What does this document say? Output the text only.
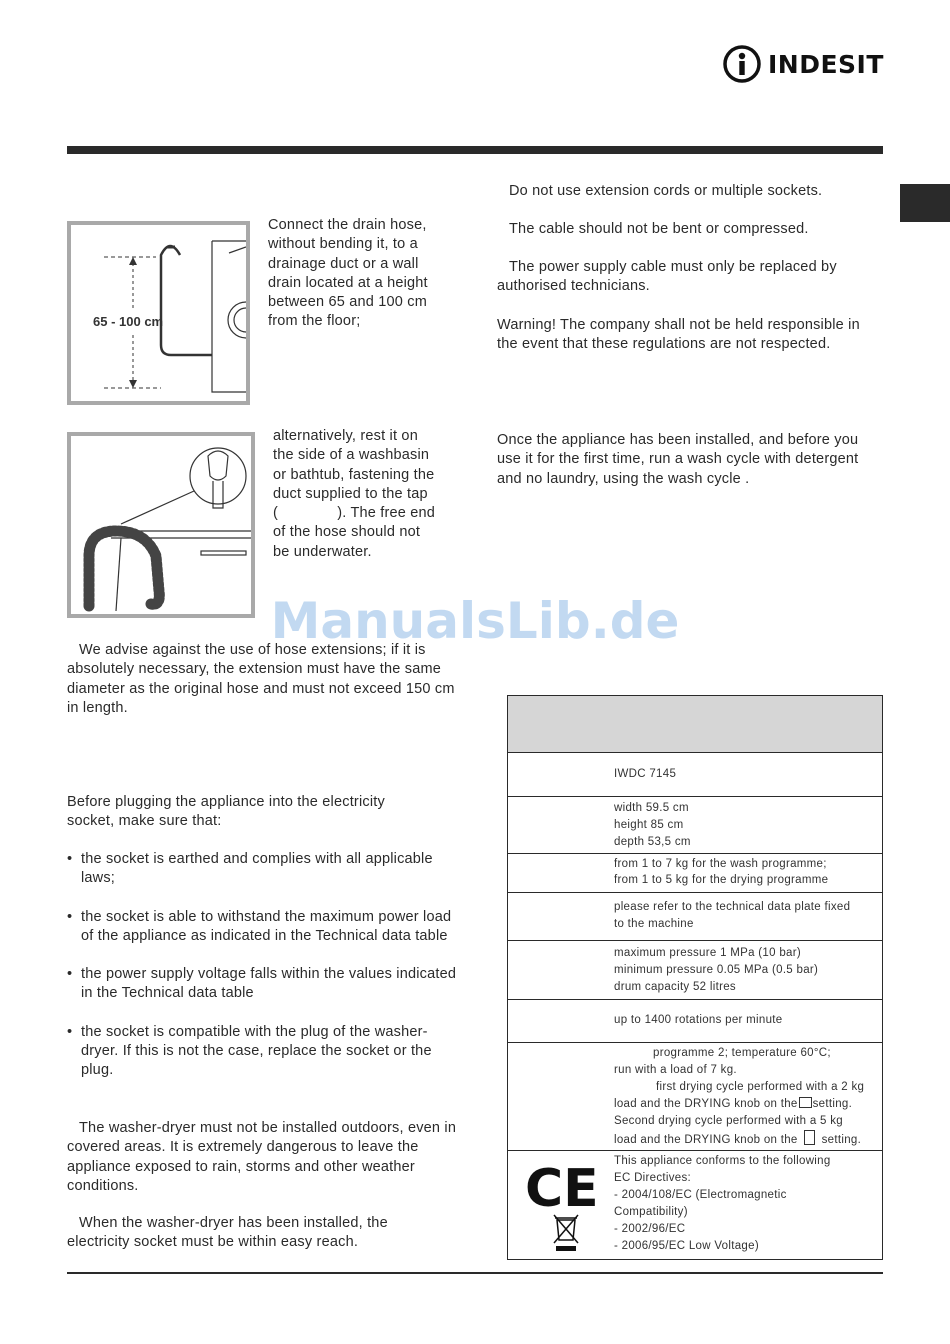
INDESIT
65 - 100 cm

Connect the drain hose, without bending it, to a drainage duct or a wall drain located at a height between 65 and 100 cm from the floor;

alternatively, rest it on
the side of a washbasin
or bathtub, fastening the
duct supplied to the tap
(              ). The free end
of the hose should not
be underwater.
ManualsLib.de

We advise against the use of hose extensions; if it is absolutely necessary, the extension must have the same diameter as the original hose and must not exceed 150 cm in length.

Before plugging the appliance into the electricity socket, make sure that:

• the socket is earthed and complies with all applicable laws;
• the socket is able to withstand the maximum power load of the appliance as indicated in the Technical data table
• the power supply voltage falls within the values indicated in the Technical data table
• the socket is compatible with the plug of the washer-dryer. If this is not the case, replace the socket or the plug.

The washer-dryer must not be installed outdoors, even in covered areas. It is extremely dangerous to leave the appliance exposed to rain, storms and other weather conditions.

When the washer-dryer has been installed, the electricity socket must be within easy reach.

Do not use extension cords or multiple sockets.

The cable should not be bent or compressed.

The power supply cable must only be replaced by authorised technicians.

Warning! The company shall not be held responsible in the event that these regulations are not respected.

Once the appliance has been installed, and before you use it for the first time, run a wash cycle with detergent and no laundry, using the wash cycle .

IWDC 7145
width 59.5 cm
height 85 cm
depth 53,5 cm
from 1 to 7 kg for the wash programme;
from 1 to 5 kg for the drying programme
please refer to the technical data plate fixed
to the machine
maximum pressure 1 MPa (10 bar)
minimum pressure 0.05 MPa (0.5 bar)
drum capacity 52 litres
up to 1400 rotations per minute
programme 2; temperature 60°C;
run with a load of 7 kg.
first drying cycle performed with a 2 kg
load and the DRYING knob on the setting.
Second drying cycle performed with a 5 kg
load and the DRYING knob on the setting.
CE This appliance conforms to the following
EC Directives:
- 2004/108/EC (Electromagnetic
Compatibility)
- 2002/96/EC
- 2006/95/EC Low Voltage)
